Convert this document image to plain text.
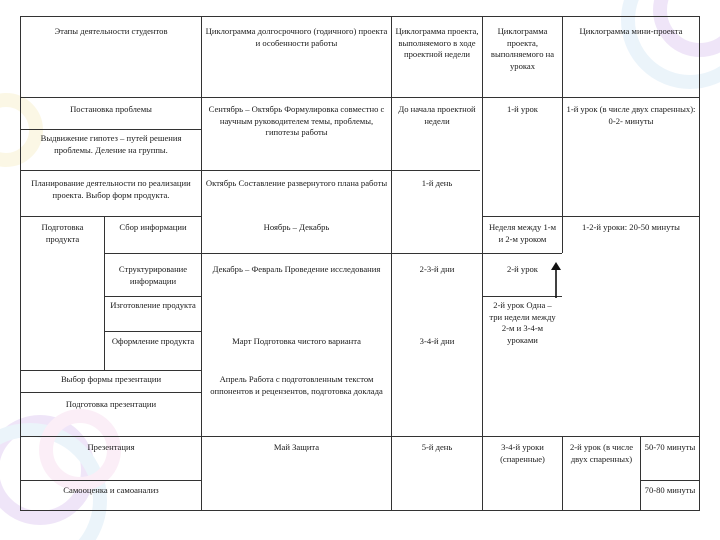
Этапы деятельности студентов	Циклограмма долгосрочного (годичного) проекта и особенности работы
Циклограмма проекта, выполняемого в ходе проектной недели
Циклограмма проекта, выполняемого на уроках
Циклограмма мини-проекта
Постановка проблемы
Выдвижение гипотез – путей решения проблемы. Деление на группы.
Планирование деятельности по реализации проекта. Выбор форм продукта.
Подготовка продукта
Сбор информации
Структурирование информации
Изготовление продукта
Оформление продукта
Выбор формы презентации
Подготовка презентации
Презентация
Самооценка и самоанализ
Сентябрь – Октябрь Формулировка совместно с научным руководителем темы, проблемы, гипотезы работы
Октябрь Составление развернутого плана работы
Ноябрь – Декабрь
Декабрь – Февраль Проведение исследования
Март Подготовка чистого варианта
Апрель Работа с подготовленным текстом оппонентов и рецензентов, подготовка доклада
Май Защита
До начала проектной недели
1-й день
2-3-й дни
3-4-й дни
5-й день
1-й урок
Неделя между 1-м и 2-м уроком
2-й урок
2-й урок Одна – три недели между 2-м и 3-4-м уроками
3-4-й уроки (спаренные)
1-й урок (в числе двух спаренных): 0-2- минуты
1-2-й уроки: 20-50 минуты
2-й урок (в числе двух спаренных)
50-70 минуты
70-80 минуты
